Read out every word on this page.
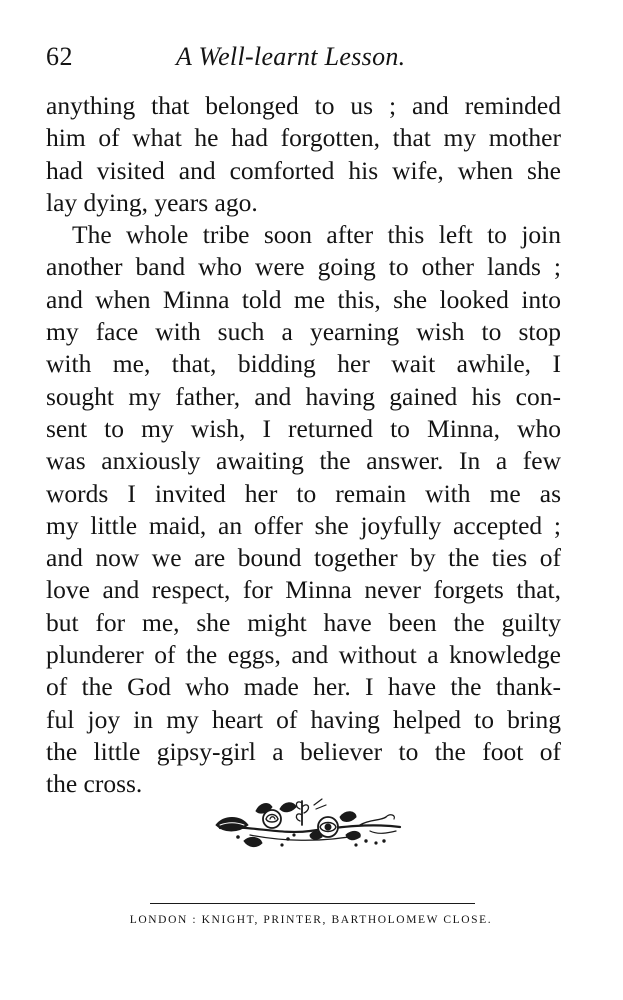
62	A Well-learnt Lesson.
anything that belonged to us ; and reminded
him of what he had forgotten, that my mother
had visited and comforted his wife, when she
lay dying, years ago.
The whole tribe soon after this left to join
another band who were going to other lands ;
and when Minna told me this, she looked into
my face with such a yearning wish to stop
with me, that, bidding her wait awhile, I
sought my father, and having gained his con-
sent to my wish, I returned to Minna, who
was anxiously awaiting the answer. In a few
words I invited her to remain with me as
my little maid, an offer she joyfully accepted ;
and now we are bound together by the ties of
love and respect, for Minna never forgets that,
but for me, she might have been the guilty
plunderer of the eggs, and without a knowledge
of the God who made her. I have the thank-
ful joy in my heart of having helped to bring
the little gipsy-girl a believer to the foot of
the cross.
LONDON : KNIGHT, PRINTER, BARTHOLOMEW CLOSE.
